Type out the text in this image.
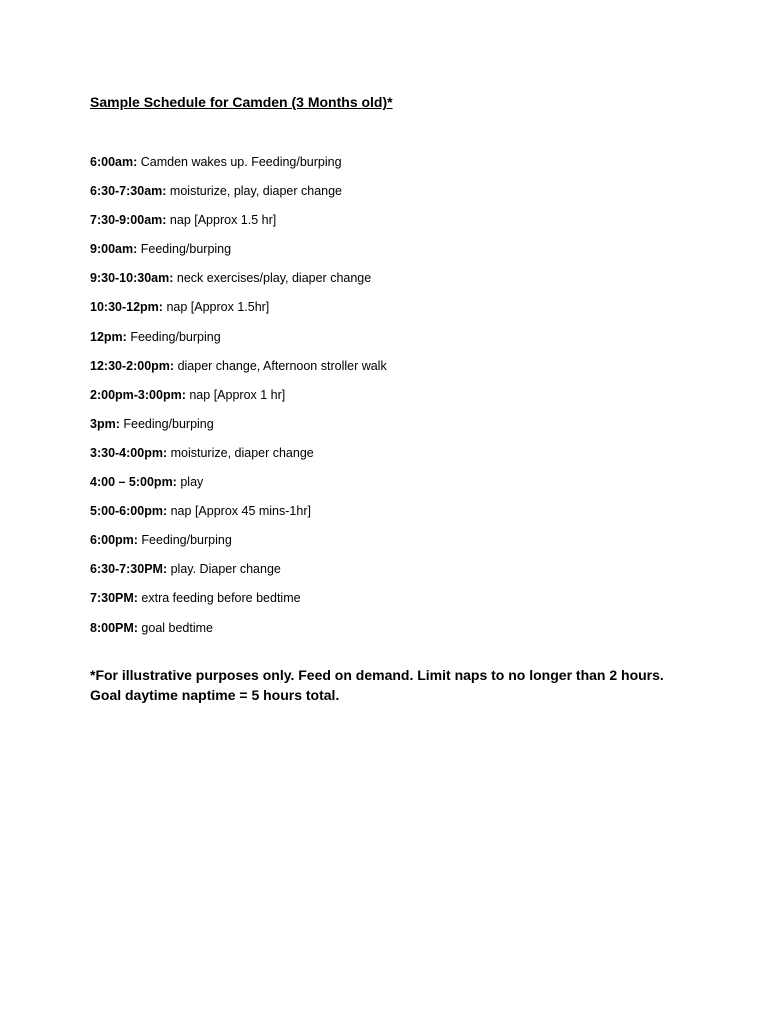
Sample Schedule for Camden (3 Months old)*
6:00am: Camden wakes up. Feeding/burping
6:30-7:30am: moisturize, play, diaper change
7:30-9:00am: nap [Approx 1.5 hr]
9:00am: Feeding/burping
9:30-10:30am: neck exercises/play, diaper change
10:30-12pm: nap [Approx 1.5hr]
12pm: Feeding/burping
12:30-2:00pm: diaper change, Afternoon stroller walk
2:00pm-3:00pm: nap [Approx 1 hr]
3pm: Feeding/burping
3:30-4:00pm: moisturize, diaper change
4:00 – 5:00pm: play
5:00-6:00pm: nap [Approx 45 mins-1hr]
6:00pm: Feeding/burping
6:30-7:30PM: play. Diaper change
7:30PM: extra feeding before bedtime
8:00PM: goal bedtime

*For illustrative purposes only. Feed on demand. Limit naps to no longer than 2 hours. Goal daytime naptime = 5 hours total.
